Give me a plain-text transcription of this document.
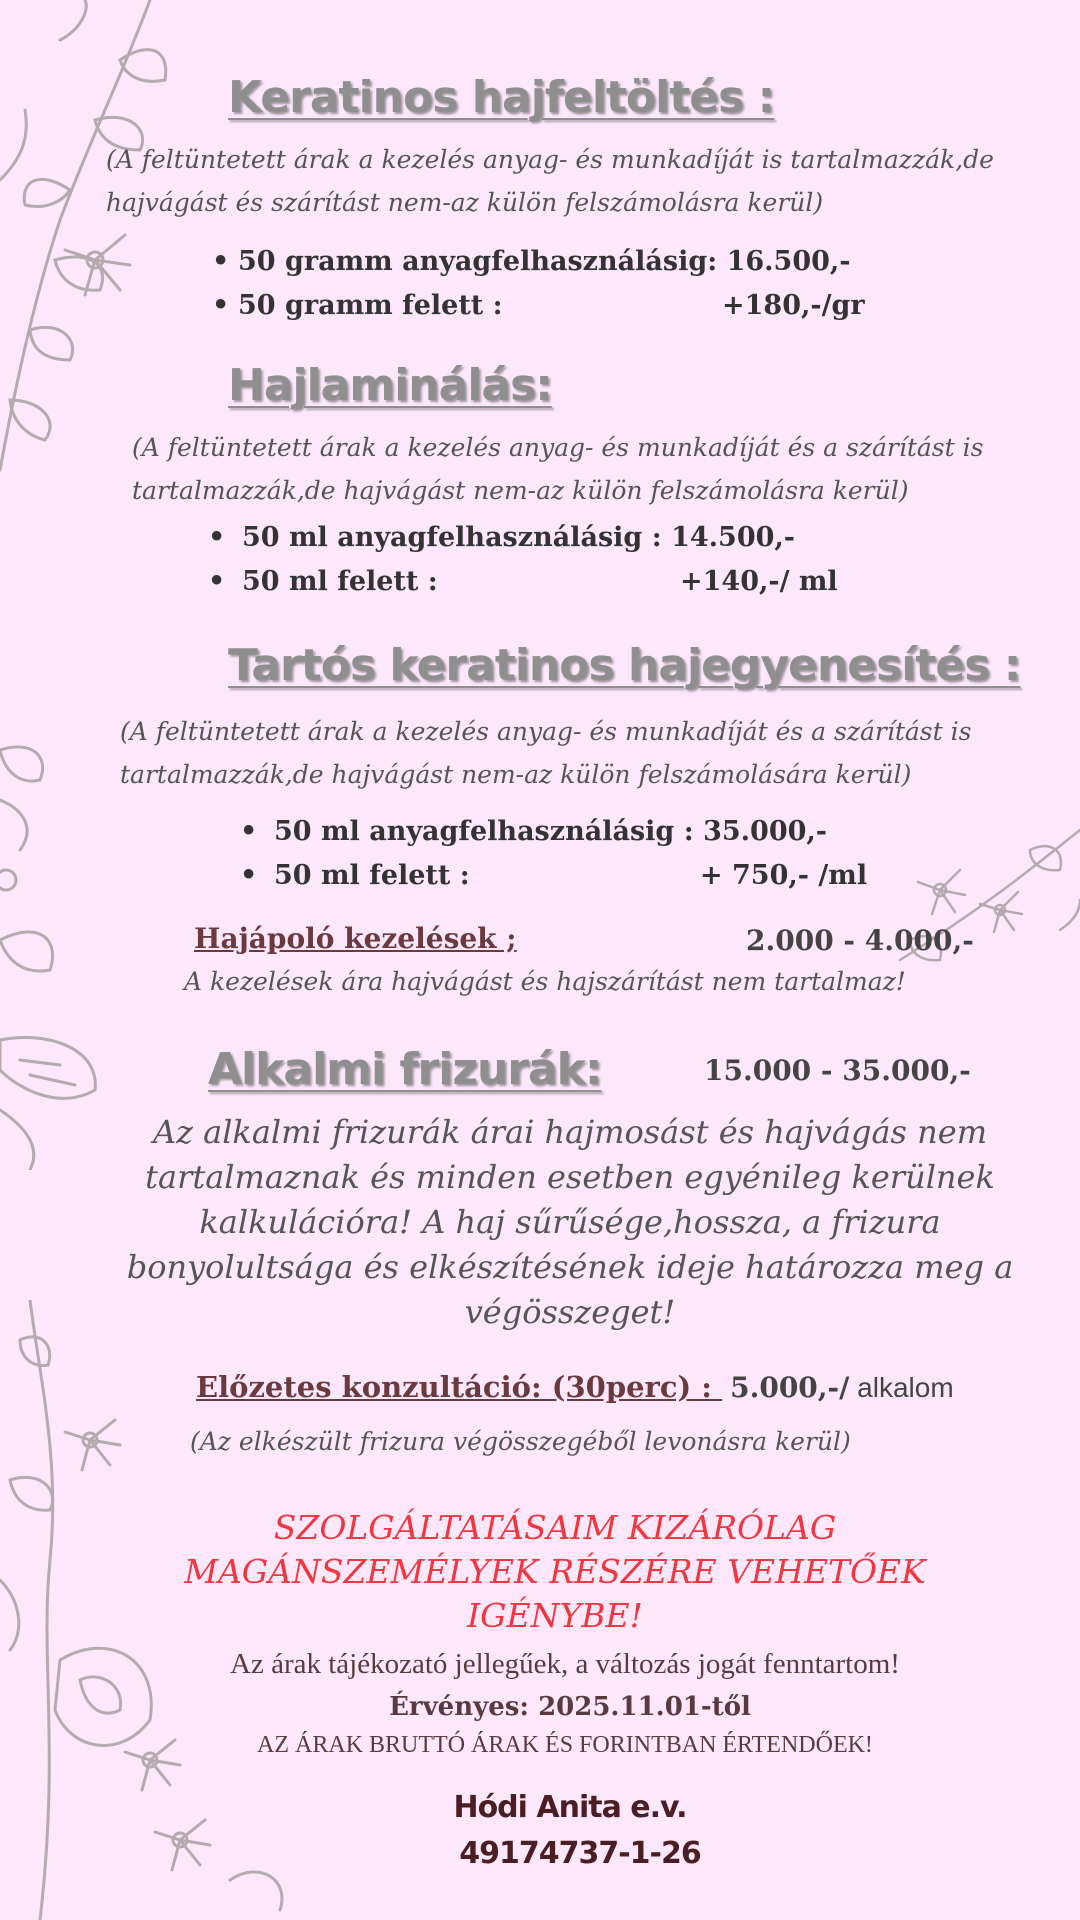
Keratinos hajfeltöltés :
(A feltüntetett árak a kezelés anyag- és munkadíját is tartalmazzák,de
hajvágást és szárítást nem-az külön felszámolásra kerül)
• 50 gramm anyagfelhasználásig: 16.500,-
• 50 gramm felett :	+180,-/gr
Hajlaminálás:
(A feltüntetett árak a kezelés anyag- és munkadíját és a szárítást is
tartalmazzák,de hajvágást nem-az külön felszámolásra kerül)
• 50 ml anyagfelhasználásig : 14.500,-
• 50 ml felett :	+140,-/ ml
Tartós keratinos hajegyenesítés :
(A feltüntetett árak a kezelés anyag- és munkadíját és a szárítást is
tartalmazzák,de hajvágást nem-az külön felszámolására kerül)
• 50 ml anyagfelhasználásig : 35.000,-
• 50 ml felett :	+ 750,- /ml
Hajápoló kezelések ;	2.000 - 4.000,-
A kezelések ára hajvágást és hajszárítást nem tartalmaz!
Alkalmi frizurák:	15.000 - 35.000,-
Az alkalmi frizurák árai hajmosást és hajvágás nem
tartalmaznak és minden esetben egyénileg kerülnek
kalkulációra! A haj sűrűsége,hossza, a frizura
bonyolultsága és elkészítésének ideje határozza meg a
végösszeget!
Előzetes konzultáció: (30perc) : 5.000,-/ alkalom
(Az elkészült frizura végösszegéből levonásra kerül)
SZOLGÁLTATÁSAIM KIZÁRÓLAG
MAGÁNSZEMÉLYEK RÉSZÉRE VEHETŐEK
IGÉNYBE!
Az árak tájékozató jellegűek, a változás jogát fenntartom!
Érvényes: 2025.11.01-től
AZ ÁRAK BRUTTÓ ÁRAK ÉS FORINTBAN ÉRTENDŐEK!
Hódi Anita e.v.
49174737-1-26
